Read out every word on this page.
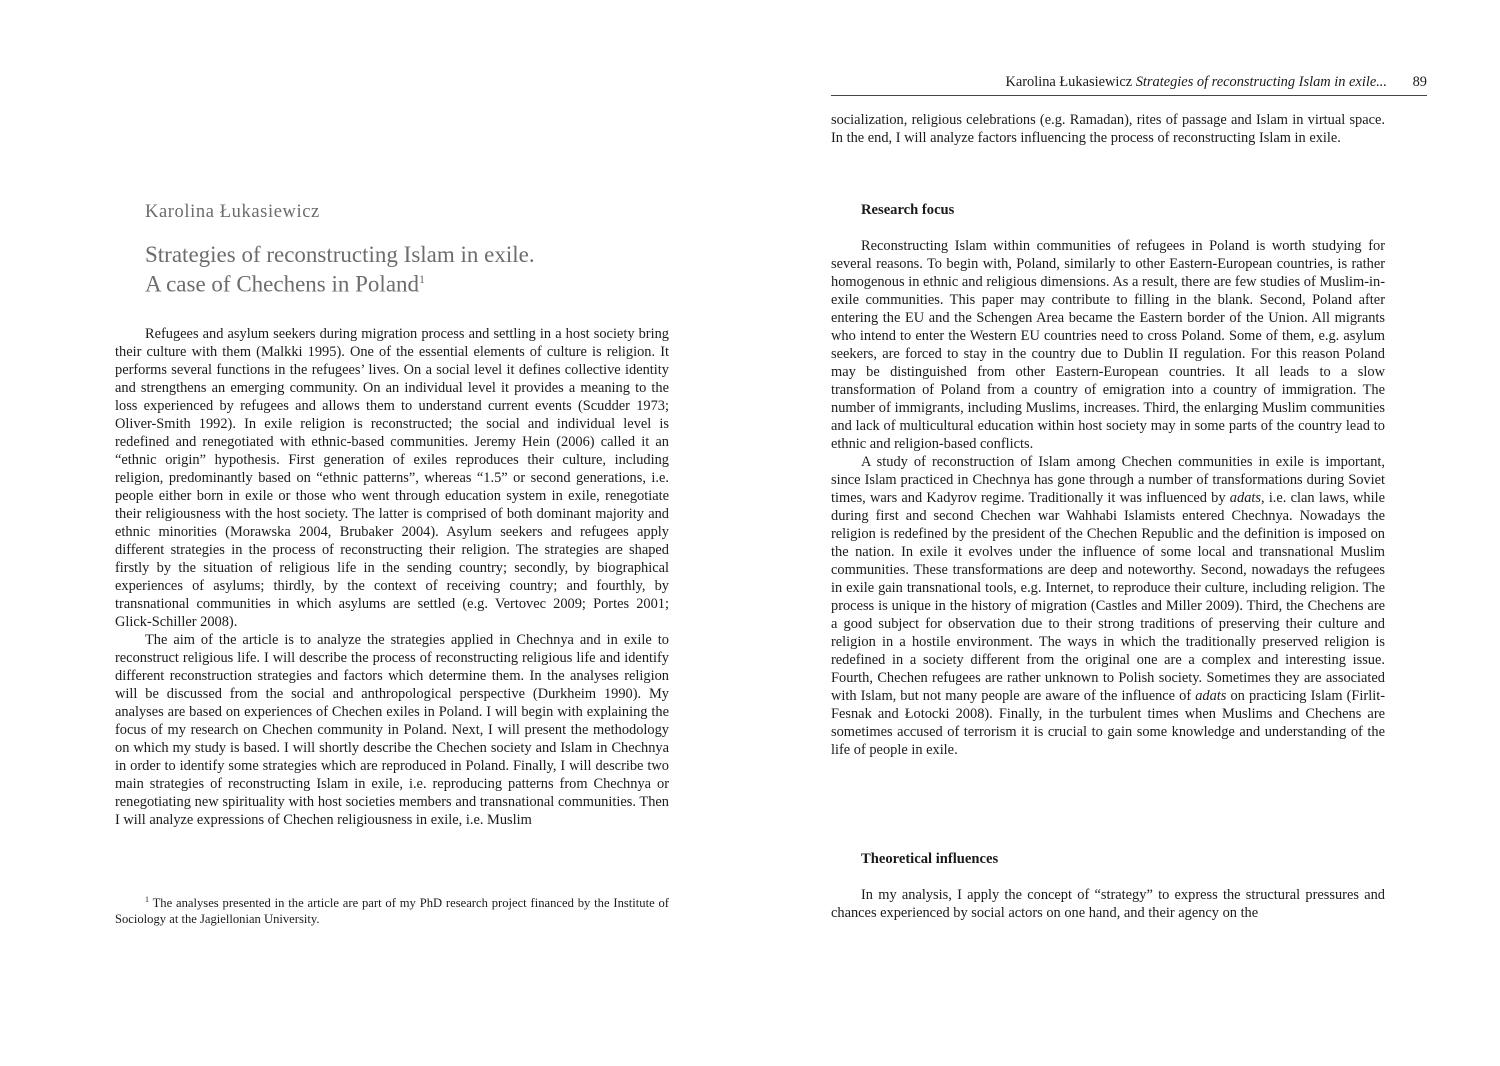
Karolina Łukasiewicz
Strategies of reconstructing Islam in exile.
A case of Chechens in Poland$^1$

Refugees and asylum seekers during migration process and settling in a host society bring their culture with them (Malkki 1995). One of the essential elements of culture is religion. It performs several functions in the refugees’ lives. On a social level it defines collective identity and strengthens an emerging community. On an individual level it provides a meaning to the loss experienced by refugees and allows them to understand current events (Scudder 1973; Oliver-Smith 1992). In exile religion is reconstructed; the social and individual level is redefined and renegotiated with ethnic-based communities. Jeremy Hein (2006) called it an “ethnic origin” hypothesis. First generation of exiles reproduces their culture, including religion, predominantly based on “ethnic patterns”, whereas “1.5” or second generations, i.e. people either born in exile or those who went through education system in exile, renegotiate their religiousness with the host society. The latter is comprised of both dominant majority and ethnic minorities (Morawska 2004, Brubaker 2004). Asylum seekers and refugees apply different strategies in the process of reconstructing their religion. The strategies are shaped firstly by the situation of religious life in the sending country; secondly, by biographical experiences of asylums; thirdly, by the context of receiving country; and fourthly, by transnational communities in which asylums are settled (e.g. Vertovec 2009; Portes 2001; Glick-Schiller 2008).

The aim of the article is to analyze the strategies applied in Chechnya and in exile to reconstruct religious life. I will describe the process of reconstructing religious life and identify different reconstruction strategies and factors which determine them. In the analyses religion will be discussed from the social and anthropological perspective (Durkheim 1990). My analyses are based on experiences of Chechen exiles in Poland. I will begin with explaining the focus of my research on Chechen community in Poland. Next, I will present the methodology on which my study is based. I will shortly describe the Chechen society and Islam in Chechnya in order to identify some strategies which are reproduced in Poland. Finally, I will describe two main strategies of reconstructing Islam in exile, i.e. reproducing patterns from Chechnya or renegotiating new spirituality with host societies members and transnational communities. Then I will analyze expressions of Chechen religiousness in exile, i.e. Muslim

$^1$ The analyses presented in the article are part of my PhD research project financed by the Institute of Sociology at the Jagiellonian University.

Karolina Łukasiewicz Strategies of reconstructing Islam in exile... 89

socialization, religious celebrations (e.g. Ramadan), rites of passage and Islam in virtual space. In the end, I will analyze factors influencing the process of reconstructing Islam in exile.

Research focus

Reconstructing Islam within communities of refugees in Poland is worth studying for several reasons. To begin with, Poland, similarly to other Eastern-European countries, is rather homogenous in ethnic and religious dimensions. As a result, there are few studies of Muslim-in-exile communities. This paper may contribute to filling in the blank. Second, Poland after entering the EU and the Schengen Area became the Eastern border of the Union. All migrants who intend to enter the Western EU countries need to cross Poland. Some of them, e.g. asylum seekers, are forced to stay in the country due to Dublin II regulation. For this reason Poland may be distinguished from other Eastern-European countries. It all leads to a slow transformation of Poland from a country of emigration into a country of immigration. The number of immigrants, including Muslims, increases. Third, the enlarging Muslim communities and lack of multicultural education within host society may in some parts of the country lead to ethnic and religion-based conflicts.

A study of reconstruction of Islam among Chechen communities in exile is important, since Islam practiced in Chechnya has gone through a number of transformations during Soviet times, wars and Kadyrov regime. Traditionally it was influenced by adats, i.e. clan laws, while during first and second Chechen war Wahhabi Islamists entered Chechnya. Nowadays the religion is redefined by the president of the Chechen Republic and the definition is imposed on the nation. In exile it evolves under the influence of some local and transnational Muslim communities. These transformations are deep and noteworthy. Second, nowadays the refugees in exile gain transnational tools, e.g. Internet, to reproduce their culture, including religion. The process is unique in the history of migration (Castles and Miller 2009). Third, the Chechens are a good subject for observation due to their strong traditions of preserving their culture and religion in a hostile environment. The ways in which the traditionally preserved religion is redefined in a society different from the original one are a complex and interesting issue. Fourth, Chechen refugees are rather unknown to Polish society. Sometimes they are associated with Islam, but not many people are aware of the influence of adats on practicing Islam (Firlit-Fesnak and Łotocki 2008). Finally, in the turbulent times when Muslims and Chechens are sometimes accused of terrorism it is crucial to gain some knowledge and understanding of the life of people in exile.

Theoretical influences

In my analysis, I apply the concept of “strategy” to express the structural pressures and chances experienced by social actors on one hand, and their agency on the
